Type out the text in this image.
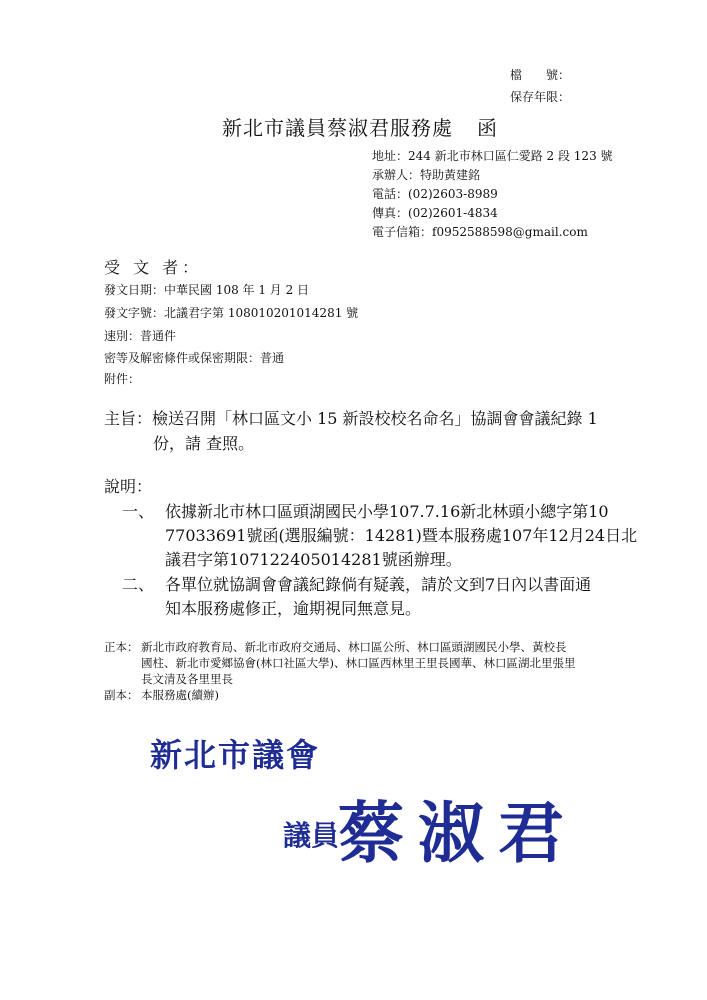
檔　　號：
保存年限：
新北市議員蔡淑君服務處 函
地址：244 新北市林口區仁愛路 2 段 123 號
承辦人：特助黃建銘
電話：(02)2603-8989
傳真：(02)2601-4834
電子信箱：f0952588598@gmail.com
受 文 者：
發文日期：中華民國 108 年 1 月 2 日
發文字號：北議君字第 108010201014281 號
速別：普通件
密等及解密條件或保密期限：普通
附件：
主旨：檢送召開「林口區文小 15 新設校校名命名」協調會會議紀錄 1
份，請 查照。
說明：
一、 依據新北市林口區頭湖國民小學107.7.16新北林頭小總字第10
77033691號函(選服編號：14281)暨本服務處107年12月24日北
議君字第107122405014281號函辦理。
二、 各單位就協調會會議紀錄倘有疑義，請於文到7日內以書面通
知本服務處修正，逾期視同無意見。
正本： 新北市政府教育局、新北市政府交通局、林口區公所、林口區頭湖國民小學、黃校長
國柱、新北市愛鄉協會(林口社區大學)、林口區西林里王里長國華、林口區湖北里張里
長文清及各里里長
副本： 本服務處(續辦)
新北市議會
議員
蔡淑君
